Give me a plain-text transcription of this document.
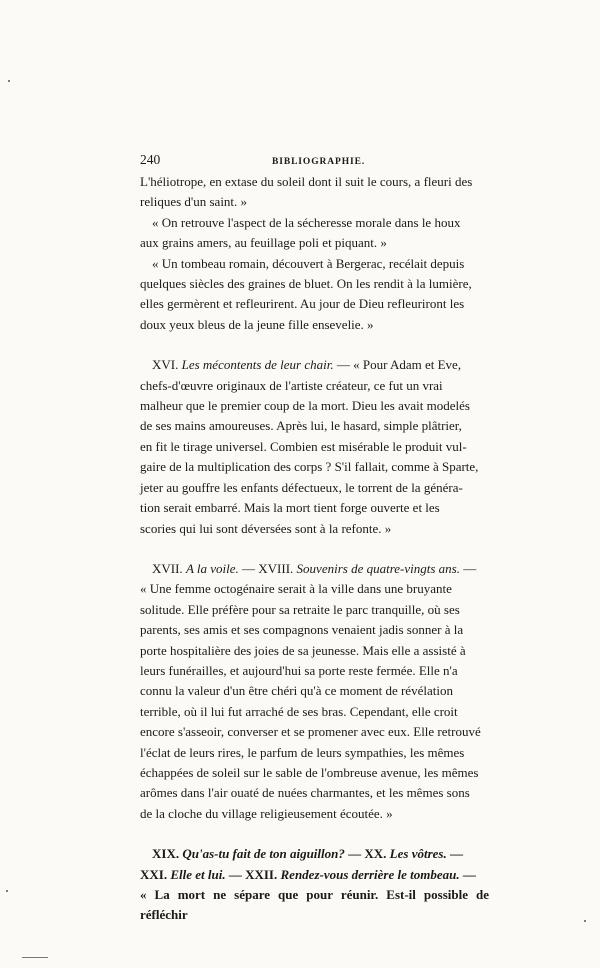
240	BIBLIOGRAPHIE.

L'héliotrope, en extase du soleil dont il suit le cours, a fleuri des

reliques d'un saint. »

« On retrouve l'aspect de la sécheresse morale dans le houx

aux grains amers, au feuillage poli et piquant. »

« Un tombeau romain, découvert à Bergerac, recélait depuis

quelques siècles des graines de bluet. On les rendit à la lumière,

elles germèrent et refleurirent. Au jour de Dieu refleuriront les

doux yeux bleus de la jeune fille ensevelie. »

XVI. Les mécontents de leur chair. — « Pour Adam et Eve,

chefs-d'œuvre originaux de l'artiste créateur, ce fut un vrai

malheur que le premier coup de la mort. Dieu les avait modelés

de ses mains amoureuses. Après lui, le hasard, simple plâtrier,

en fit le tirage universel. Combien est misérable le produit vul-

gaire de la multiplication des corps ? S'il fallait, comme à Sparte,

jeter au gouffre les enfants défectueux, le torrent de la généra-

tion serait embarré. Mais la mort tient forge ouverte et les

scories qui lui sont déversées sont à la refonte. »

XVII. A la voile. — XVIII. Souvenirs de quatre-vingts ans. —

« Une femme octogénaire serait à la ville dans une bruyante

solitude. Elle préfère pour sa retraite le parc tranquille, où ses

parents, ses amis et ses compagnons venaient jadis sonner à la

porte hospitalière des joies de sa jeunesse. Mais elle a assisté à

leurs funérailles, et aujourd'hui sa porte reste fermée. Elle n'a

connu la valeur d'un être chéri qu'à ce moment de révélation

terrible, où il lui fut arraché de ses bras. Cependant, elle croit

encore s'asseoir, converser et se promener avec eux. Elle retrouvé

l'éclat de leurs rires, le parfum de leurs sympathies, les mêmes

échappées de soleil sur le sable de l'ombreuse avenue, les mêmes

arômes dans l'air ouaté de nuées charmantes, et les mêmes sons

de la cloche du village religieusement écoutée. »

XIX. Qu'as-tu fait de ton aiguillon? — XX. Les vôtres. —

XXI. Elle et lui. — XXII. Rendez-vous derrière le tombeau. —

« La mort ne sépare que pour réunir. Est-il possible de réfléchir
